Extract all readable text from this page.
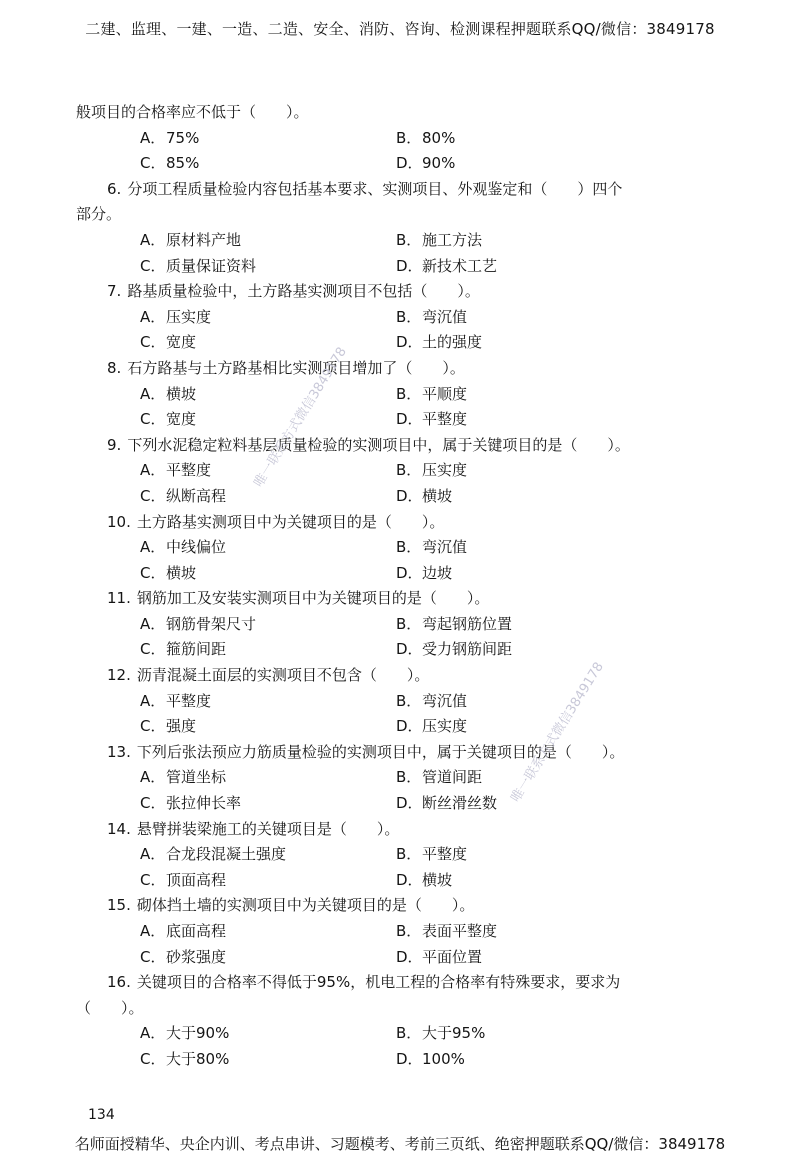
二建、监理、一建、一造、二造、安全、消防、咨询、检测课程押题联系QQ/微信：3849178
般项目的合格率应不低于（　　）。
A．75%	B．80%
C．85%	D．90%
6. 分项工程质量检验内容包括基本要求、实测项目、外观鉴定和（　　）四个
部分。
A．原材料产地	B．施工方法
C．质量保证资料	D．新技术工艺
7. 路基质量检验中，土方路基实测项目不包括（　　）。
A．压实度	B．弯沉值
C．宽度	D．土的强度
8. 石方路基与土方路基相比实测项目增加了（　　）。
A．横坡	B．平顺度
C．宽度	D．平整度
9. 下列水泥稳定粒料基层质量检验的实测项目中，属于关键项目的是（　　）。
A．平整度	B．压实度
C．纵断高程	D．横坡
10. 土方路基实测项目中为关键项目的是（　　）。
A．中线偏位	B．弯沉值
C．横坡	D．边坡
11. 钢筋加工及安装实测项目中为关键项目的是（　　）。
A．钢筋骨架尺寸	B．弯起钢筋位置
C．箍筋间距	D．受力钢筋间距
12. 沥青混凝土面层的实测项目不包含（　　）。
A．平整度	B．弯沉值
C．强度	D．压实度
13. 下列后张法预应力筋质量检验的实测项目中，属于关键项目的是（　　）。
A．管道坐标	B．管道间距
C．张拉伸长率	D．断丝滑丝数
14. 悬臂拼装梁施工的关键项目是（　　）。
A．合龙段混凝土强度	B．平整度
C．顶面高程	D．横坡
15. 砌体挡土墙的实测项目中为关键项目的是（　　）。
A．底面高程	B．表面平整度
C．砂浆强度	D．平面位置
16. 关键项目的合格率不得低于95%，机电工程的合格率有特殊要求，要求为
（　　）。
A．大于90%	B．大于95%
C．大于80%	D．100%
唯一联系方式微信3849178
唯一联系方式微信3849178
134
名师面授精华、央企内训、考点串讲、习题模考、考前三页纸、绝密押题联系QQ/微信：3849178
